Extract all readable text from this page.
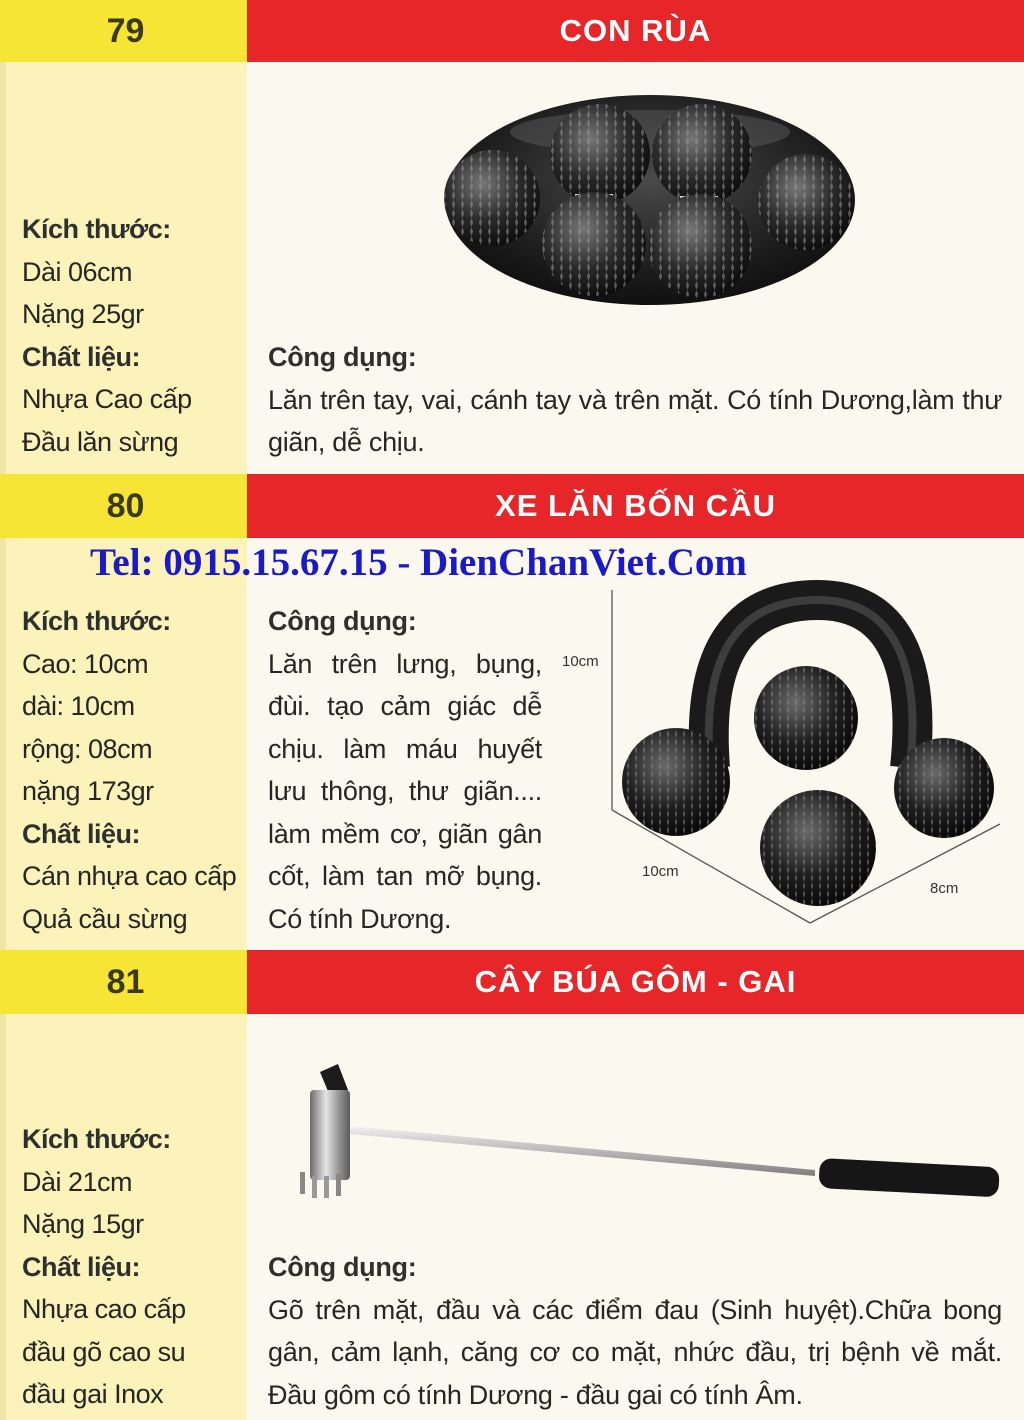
79	CON RÙA
Kích thước:
Dài 06cm
Nặng 25gr
Chất liệu:
Nhựa Cao cấp
Đầu lăn sừng
Công dụng:
Lăn trên tay, vai, cánh tay và trên mặt. Có tính Dương,làm thư giãn, dễ chịu.
80	XE LĂN BỐN CẦU
Tel: 0915.15.67.15 - DienChanViet.Com
10cm
10cm
8cm
Kích thước:
Cao: 10cm
dài: 10cm
rộng: 08cm
nặng 173gr
Chất liệu:
Cán nhựa cao cấp
Quả cầu sừng
Công dụng:
Lăn trên lưng, bụng, đùi. tạo cảm giác dễ chịu. làm máu huyết lưu thông, thư giãn.... làm mềm cơ, giãn gân cốt, làm tan mỡ bụng. Có tính Dương.
81	CÂY BÚA GÔM - GAI
Kích thước:
Dài 21cm
Nặng 15gr
Chất liệu:
Nhựa cao cấp
đầu gõ cao su
đầu gai Inox
Công dụng:
Gõ trên mặt, đầu và các điểm đau (Sinh huyệt).Chữa bong gân, cảm lạnh, căng cơ co mặt, nhức đầu, trị bệnh về mắt. Đầu gôm có tính Dương - đầu gai có tính Âm.
